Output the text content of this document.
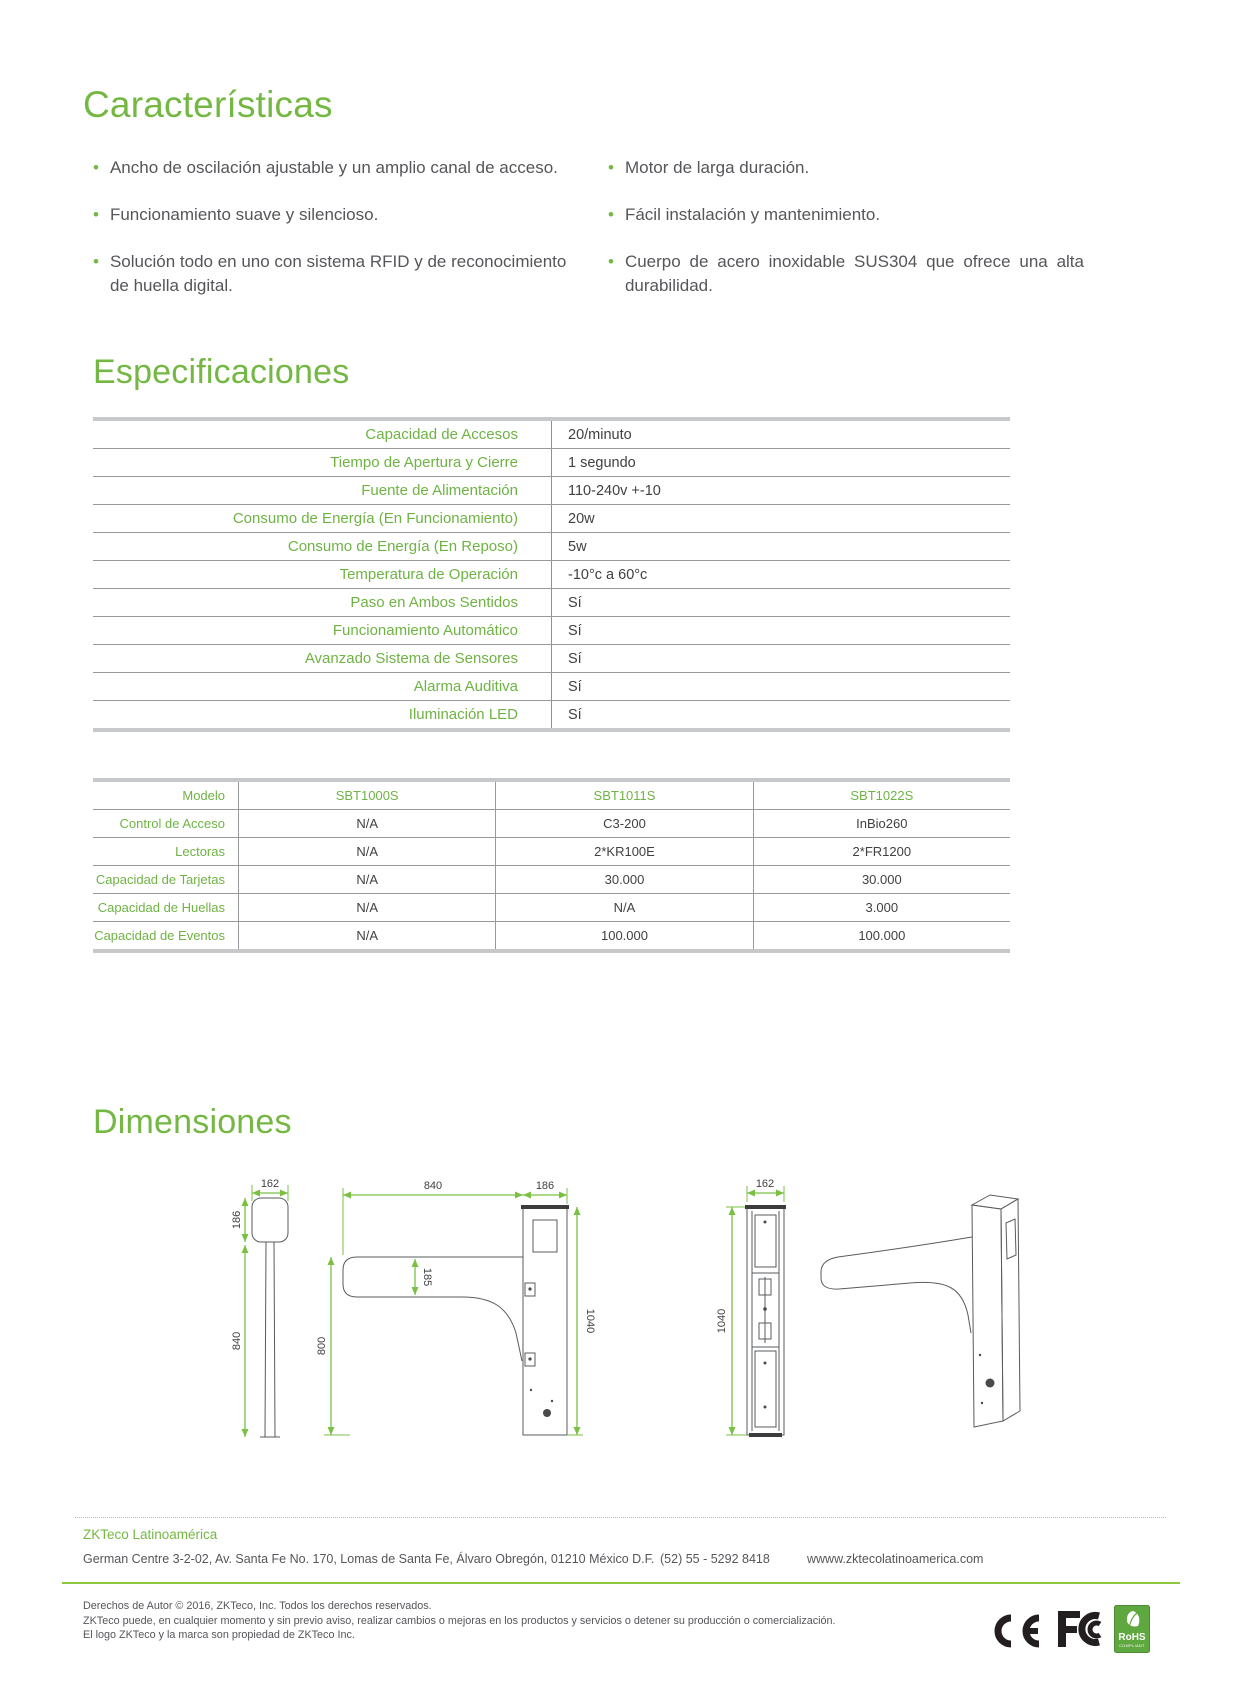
Características
• Ancho de oscilación ajustable y un amplio canal de acceso.
• Funcionamiento suave y silencioso.
• Solución todo en uno con sistema RFID y de reconocimiento de huella digital.
• Motor de larga duración.
• Fácil instalación y mantenimiento.
• Cuerpo de acero inoxidable SUS304 que ofrece una alta durabilidad.
Especificaciones
Capacidad de Accesos	20/minuto
Tiempo de Apertura y Cierre	1 segundo
Fuente de Alimentación	110-240v +-10
Consumo de Energía (En Funcionamiento)	20w
Consumo de Energía (En Reposo)	5w
Temperatura de Operación	-10°c a 60°c
Paso en Ambos Sentidos	Sí
Funcionamiento Automático	Sí
Avanzado Sistema de Sensores	Sí
Alarma Auditiva	Sí
Iluminación LED	Sí
Modelo	SBT1000S	SBT1011S	SBT1022S
Control de Acceso	N/A	C3-200	InBio260
Lectoras	N/A	2*KR100E	2*FR1200
Capacidad de Tarjetas	N/A	30.000	30.000
Capacidad de Huellas	N/A	N/A	3.000
Capacidad de Eventos	N/A	100.000	100.000
Dimensiones
162
186
840
840	186
185
800
1040
162
1040
ZKTeco Latinoamérica
German Centre 3-2-02, Av. Santa Fe No. 170, Lomas de Santa Fe, Álvaro Obregón, 01210 México D.F. (52) 55 - 5292 8418	wwww.zktecolatinoamerica.com
Derechos de Autor © 2016, ZKTeco, Inc. Todos los derechos reservados.
ZKTeco puede, en cualquier momento y sin previo aviso, realizar cambios o mejoras en los productos y servicios o detener su producción o comercialización.
El logo ZKTeco y la marca son propiedad de ZKTeco Inc.	RoHS
COMPLIANT
